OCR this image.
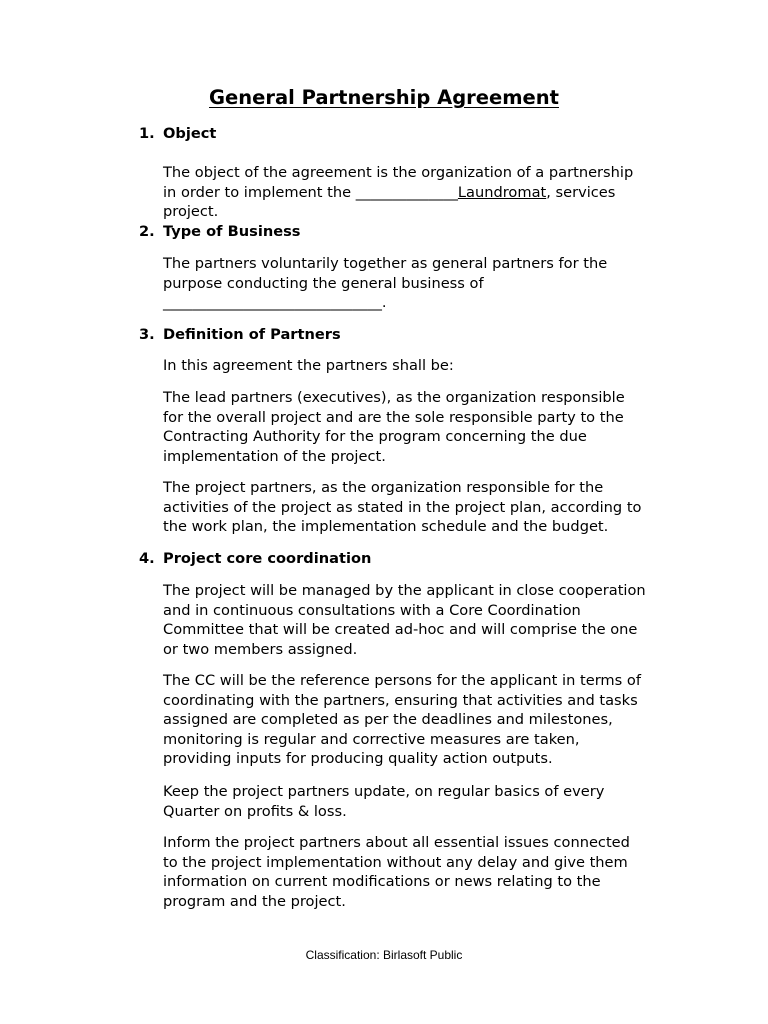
General Partnership Agreement
1. Object
The object of the agreement is the organization of a partnership
in order to implement the ______________Laundromat, services
project.
2. Type of Business
The partners voluntarily together as general partners for the
purpose conducting the general business of
______________________________.
3. Definition of Partners
In this agreement the partners shall be:
The lead partners (executives), as the organization responsible
for the overall project and are the sole responsible party to the
Contracting Authority for the program concerning the due
implementation of the project.
The project partners, as the organization responsible for the
activities of the project as stated in the project plan, according to
the work plan, the implementation schedule and the budget.
4. Project core coordination
The project will be managed by the applicant in close cooperation
and in continuous consultations with a Core Coordination
Committee that will be created ad-hoc and will comprise the one
or two members assigned.
The CC will be the reference persons for the applicant in terms of
coordinating with the partners, ensuring that activities and tasks
assigned are completed as per the deadlines and milestones,
monitoring is regular and corrective measures are taken,
providing inputs for producing quality action outputs.
Keep the project partners update, on regular basics of every
Quarter on profits & loss.
Inform the project partners about all essential issues connected
to the project implementation without any delay and give them
information on current modifications or news relating to the
program and the project.
Classification: Birlasoft Public
